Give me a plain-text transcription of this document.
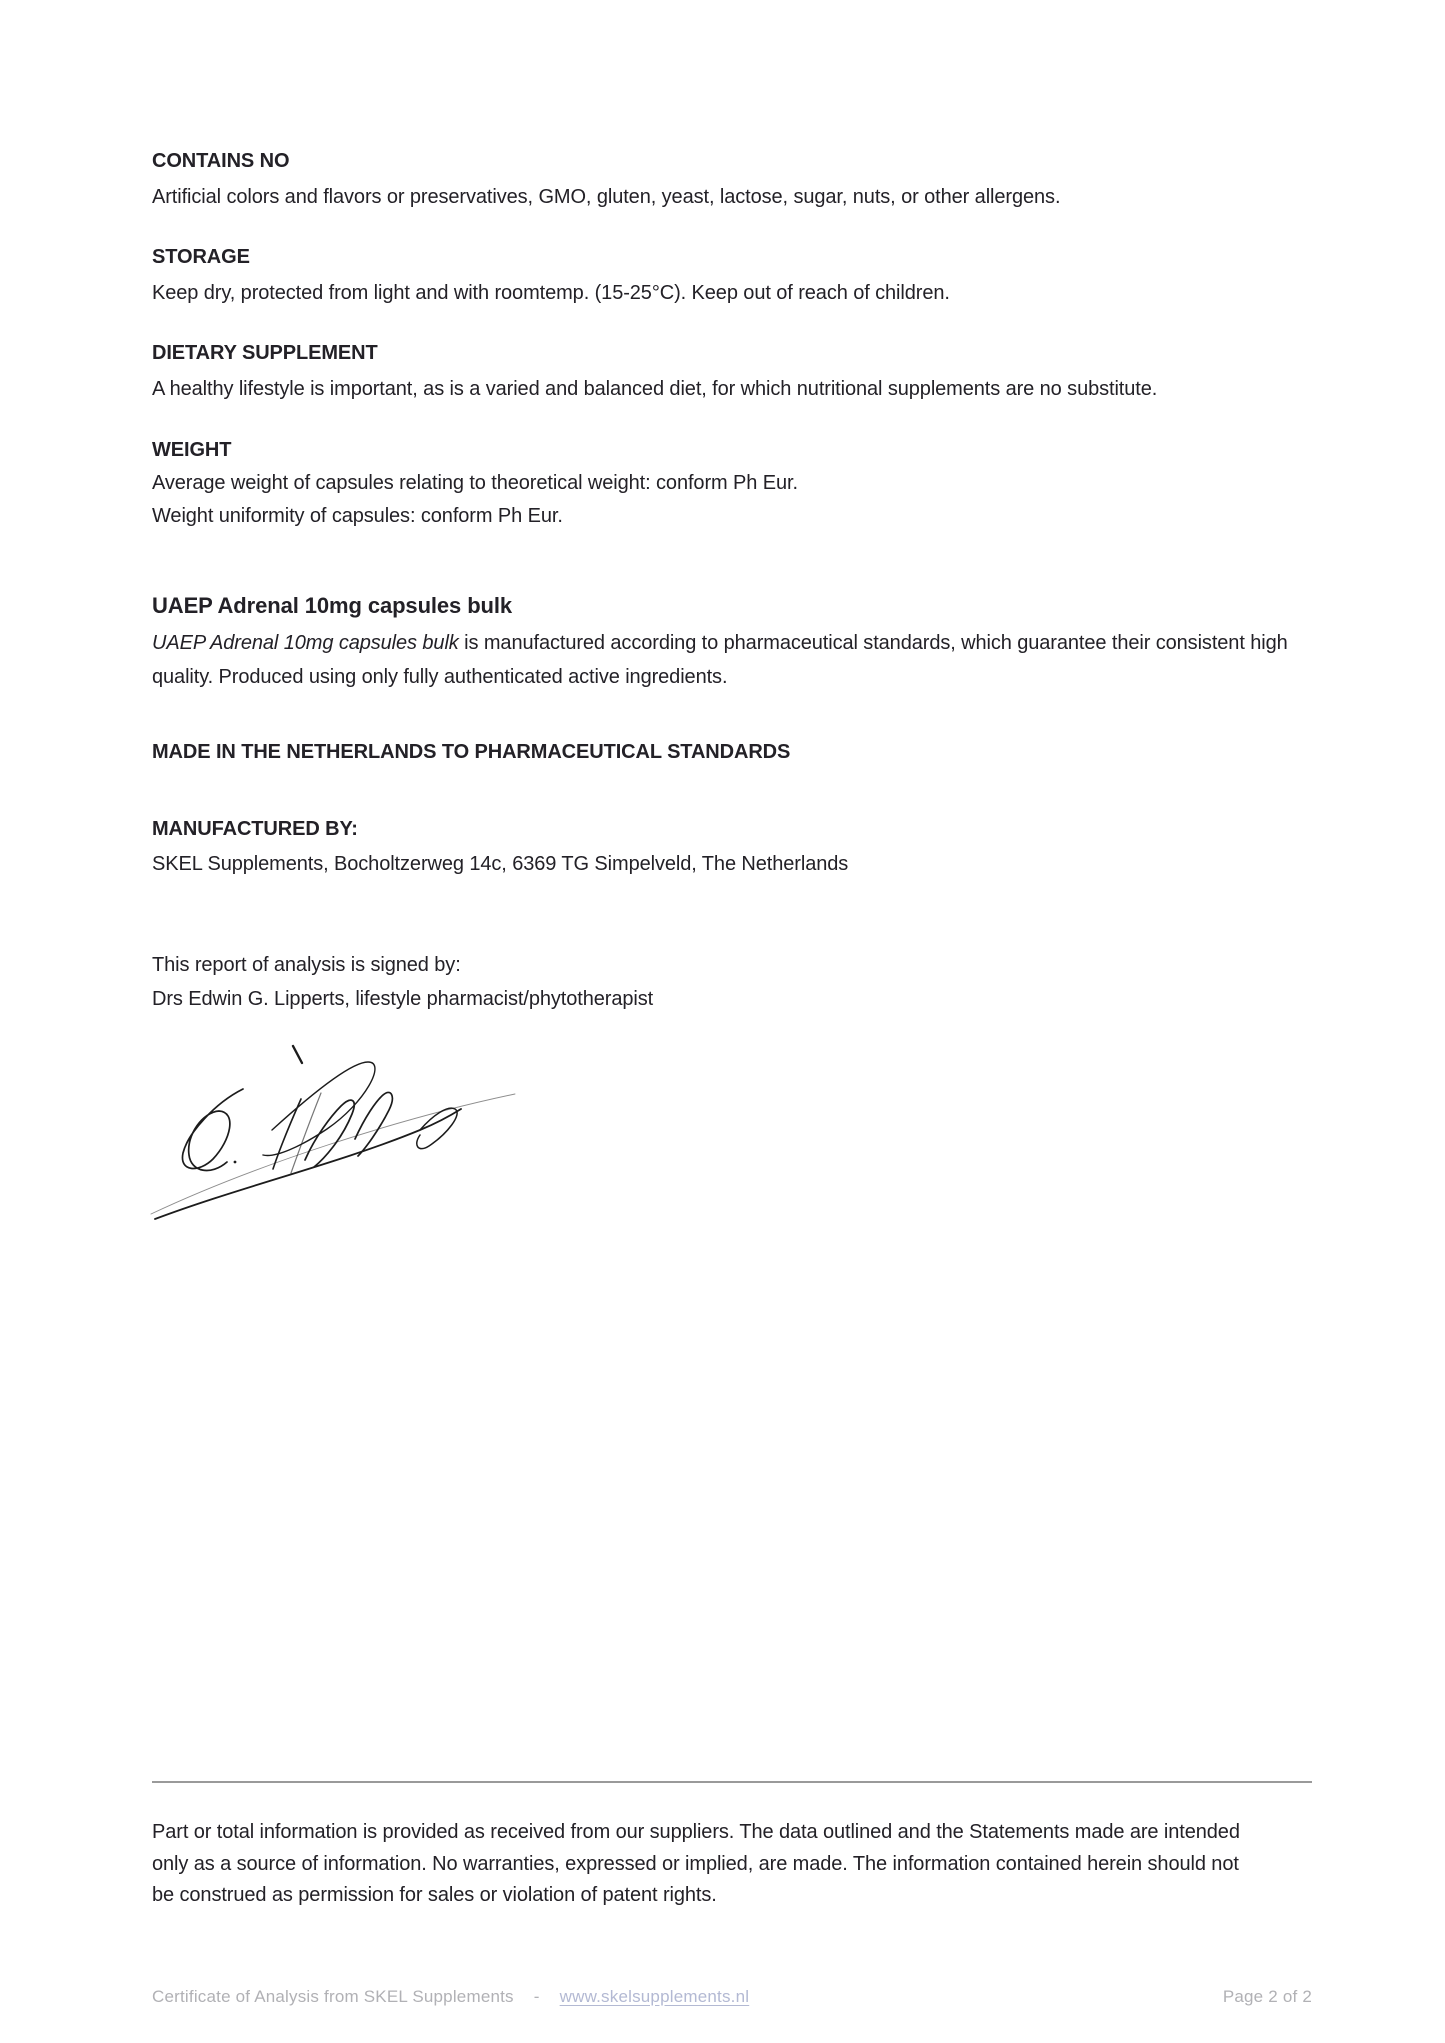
CONTAINS NO
Artificial colors and flavors or preservatives, GMO, gluten, yeast, lactose, sugar, nuts, or other allergens.
STORAGE
Keep dry, protected from light and with roomtemp. (15-25°C). Keep out of reach of children.
DIETARY SUPPLEMENT
A healthy lifestyle is important, as is a varied and balanced diet, for which nutritional supplements are no substitute.
WEIGHT
Average weight of capsules relating to theoretical weight: conform Ph Eur.
Weight uniformity of capsules: conform Ph Eur.
UAEP Adrenal 10mg capsules bulk
UAEP Adrenal 10mg capsules bulk is manufactured according to pharmaceutical standards, which guarantee their consistent high quality. Produced using only fully authenticated active ingredients.
MADE IN THE NETHERLANDS TO PHARMACEUTICAL STANDARDS
MANUFACTURED BY:
SKEL Supplements, Bocholtzerweg 14c, 6369 TG Simpelveld, The Netherlands
This report of analysis is signed by:
Drs Edwin G. Lipperts, lifestyle pharmacist/phytotherapist
Part or total information is provided as received from our suppliers. The data outlined and the Statements made are intended
only as a source of information. No warranties, expressed or implied, are made. The information contained herein should not
be construed as permission for sales or violation of patent rights.
Certificate of Analysis from SKEL Supplements - www.skelsupplements.nl	Page 2 of 2
